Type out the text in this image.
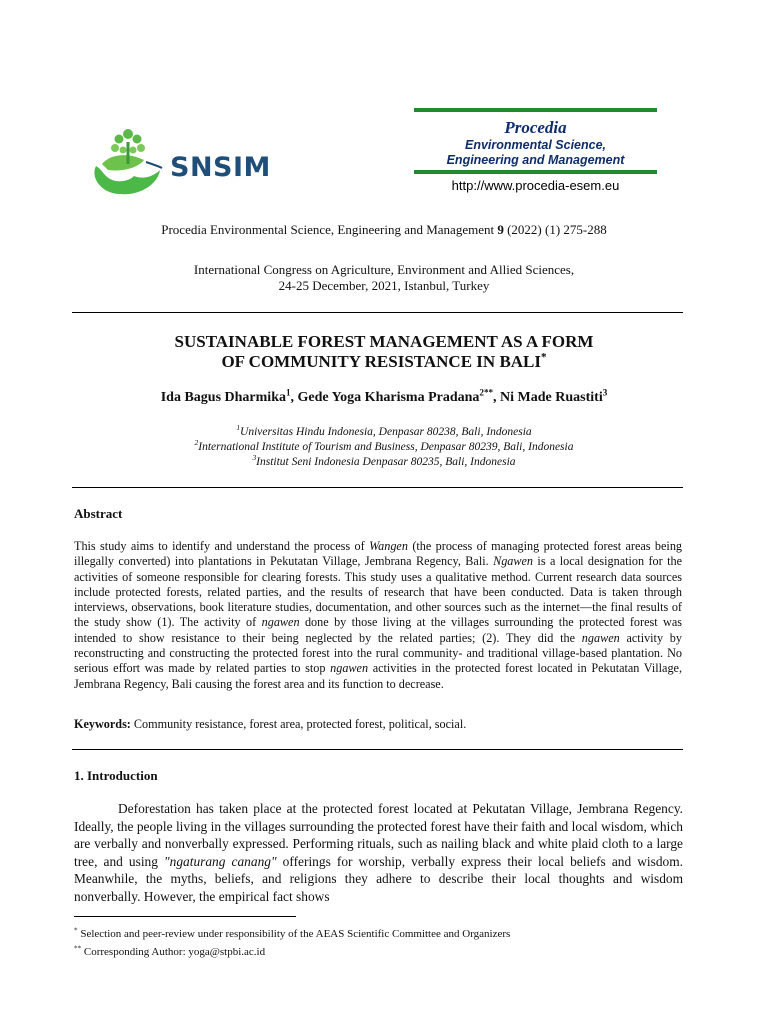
SNSIM
Procedia
Environmental Science,
Engineering and Management
http://www.procedia-esem.eu
Procedia Environmental Science, Engineering and Management 9 (2022) (1) 275-288
International Congress on Agriculture, Environment and Allied Sciences,
24-25 December, 2021, Istanbul, Turkey
SUSTAINABLE FOREST MANAGEMENT AS A FORM
OF COMMUNITY RESISTANCE IN BALI*
Ida Bagus Dharmika$^1$, Gede Yoga Kharisma Pradana$^{2**}$, Ni Made Ruastiti$^3$
$^1$Universitas Hindu Indonesia, Denpasar 80238, Bali, Indonesia
$^2$International Institute of Tourism and Business, Denpasar 80239, Bali, Indonesia
$^3$Institut Seni Indonesia Denpasar 80235, Bali, Indonesia
Abstract
This study aims to identify and understand the process of Wangen (the process of managing protected forest areas being illegally converted) into plantations in Pekutatan Village, Jembrana Regency, Bali. Ngawen is a local designation for the activities of someone responsible for clearing forests. This study uses a qualitative method. Current research data sources include protected forests, related parties, and the results of research that have been conducted. Data is taken through interviews, observations, book literature studies, documentation, and other sources such as the internet—the final results of the study show (1). The activity of ngawen done by those living at the villages surrounding the protected forest was intended to show resistance to their being neglected by the related parties; (2). They did the ngawen activity by reconstructing and constructing the protected forest into the rural community- and traditional village-based plantation. No serious effort was made by related parties to stop ngawen activities in the protected forest located in Pekutatan Village, Jembrana Regency, Bali causing the forest area and its function to decrease.
Keywords: Community resistance, forest area, protected forest, political, social.
1. Introduction

Deforestation has taken place at the protected forest located at Pekutatan Village, Jembrana Regency. Ideally, the people living in the villages surrounding the protected forest have their faith and local wisdom, which are verbally and nonverbally expressed. Performing rituals, such as nailing black and white plaid cloth to a large tree, and using "ngaturang canang" offerings for worship, verbally express their local beliefs and wisdom. Meanwhile, the myths, beliefs, and religions they adhere to describe their local thoughts and wisdom nonverbally. However, the empirical fact shows

* Selection and peer-review under responsibility of the AEAS Scientific Committee and Organizers
** Corresponding Author: yoga@stpbi.ac.id
